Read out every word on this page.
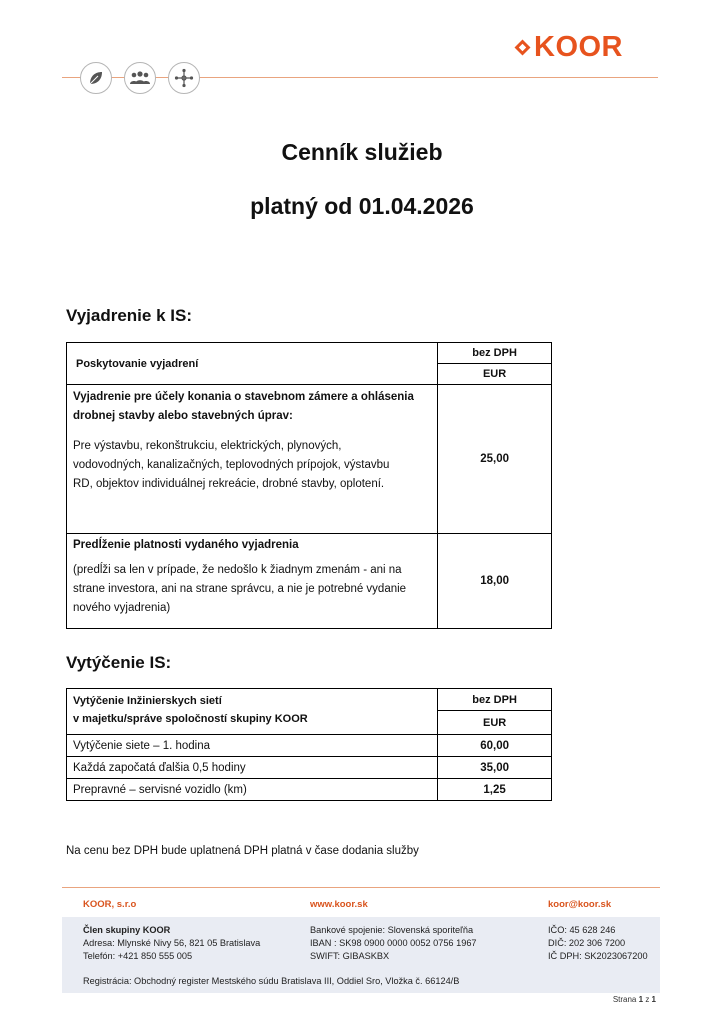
KOOR
Cenník služieb
platný od 01.04.2026
Vyjadrenie k IS:
Poskytovanie vyjadrení	bez DPH
	EUR

Vyjadrenie pre účely konania o stavebnom zámere a ohlásenia
drobnej stavby alebo stavebných úprav:
Pre výstavbu, rekonštrukciu, elektrických, plynových,
vodovodných, kanalizačných, teplovodných prípojok, výstavbu
RD, objektov individuálnej rekreácie, drobné stavby, oplotení.	25,00

Predĺženie platnosti vydaného vyjadrenia
(predĺži sa len v prípade, že nedošlo k žiadnym zmenám - ani na
strane investora, ani na strane správcu, a nie je potrebné vydanie
nového vyjadrenia)	18,00
Vytýčenie IS:
Vytýčenie Inžinierskych sietí
v majetku/správe spoločností skupiny KOOR	bez DPH
	EUR
Vytýčenie siete – 1. hodina	60,00
Každá započatá ďalšia 0,5 hodiny	35,00
Prepravné – servisné vozidlo (km)	1,25
Na cenu bez DPH bude uplatnená DPH platná v čase dodania služby
KOOR, s.r.o	www.koor.sk	koor@koor.sk
Člen skupiny KOOR
Adresa: Mlynské Nivy 56, 821 05 Bratislava
Telefón: +421 850 555 005
Bankové spojenie: Slovenská sporiteľňa
IBAN : SK98 0900 0000 0052 0756 1967
SWIFT: GIBASKBX
IČO: 45 628 246
DIČ: 202 306 7200
IČ DPH: SK2023067200
Registrácia: Obchodný register Mestského súdu Bratislava III, Oddiel Sro, Vložka č. 66124/B
Strana 1 z 1
